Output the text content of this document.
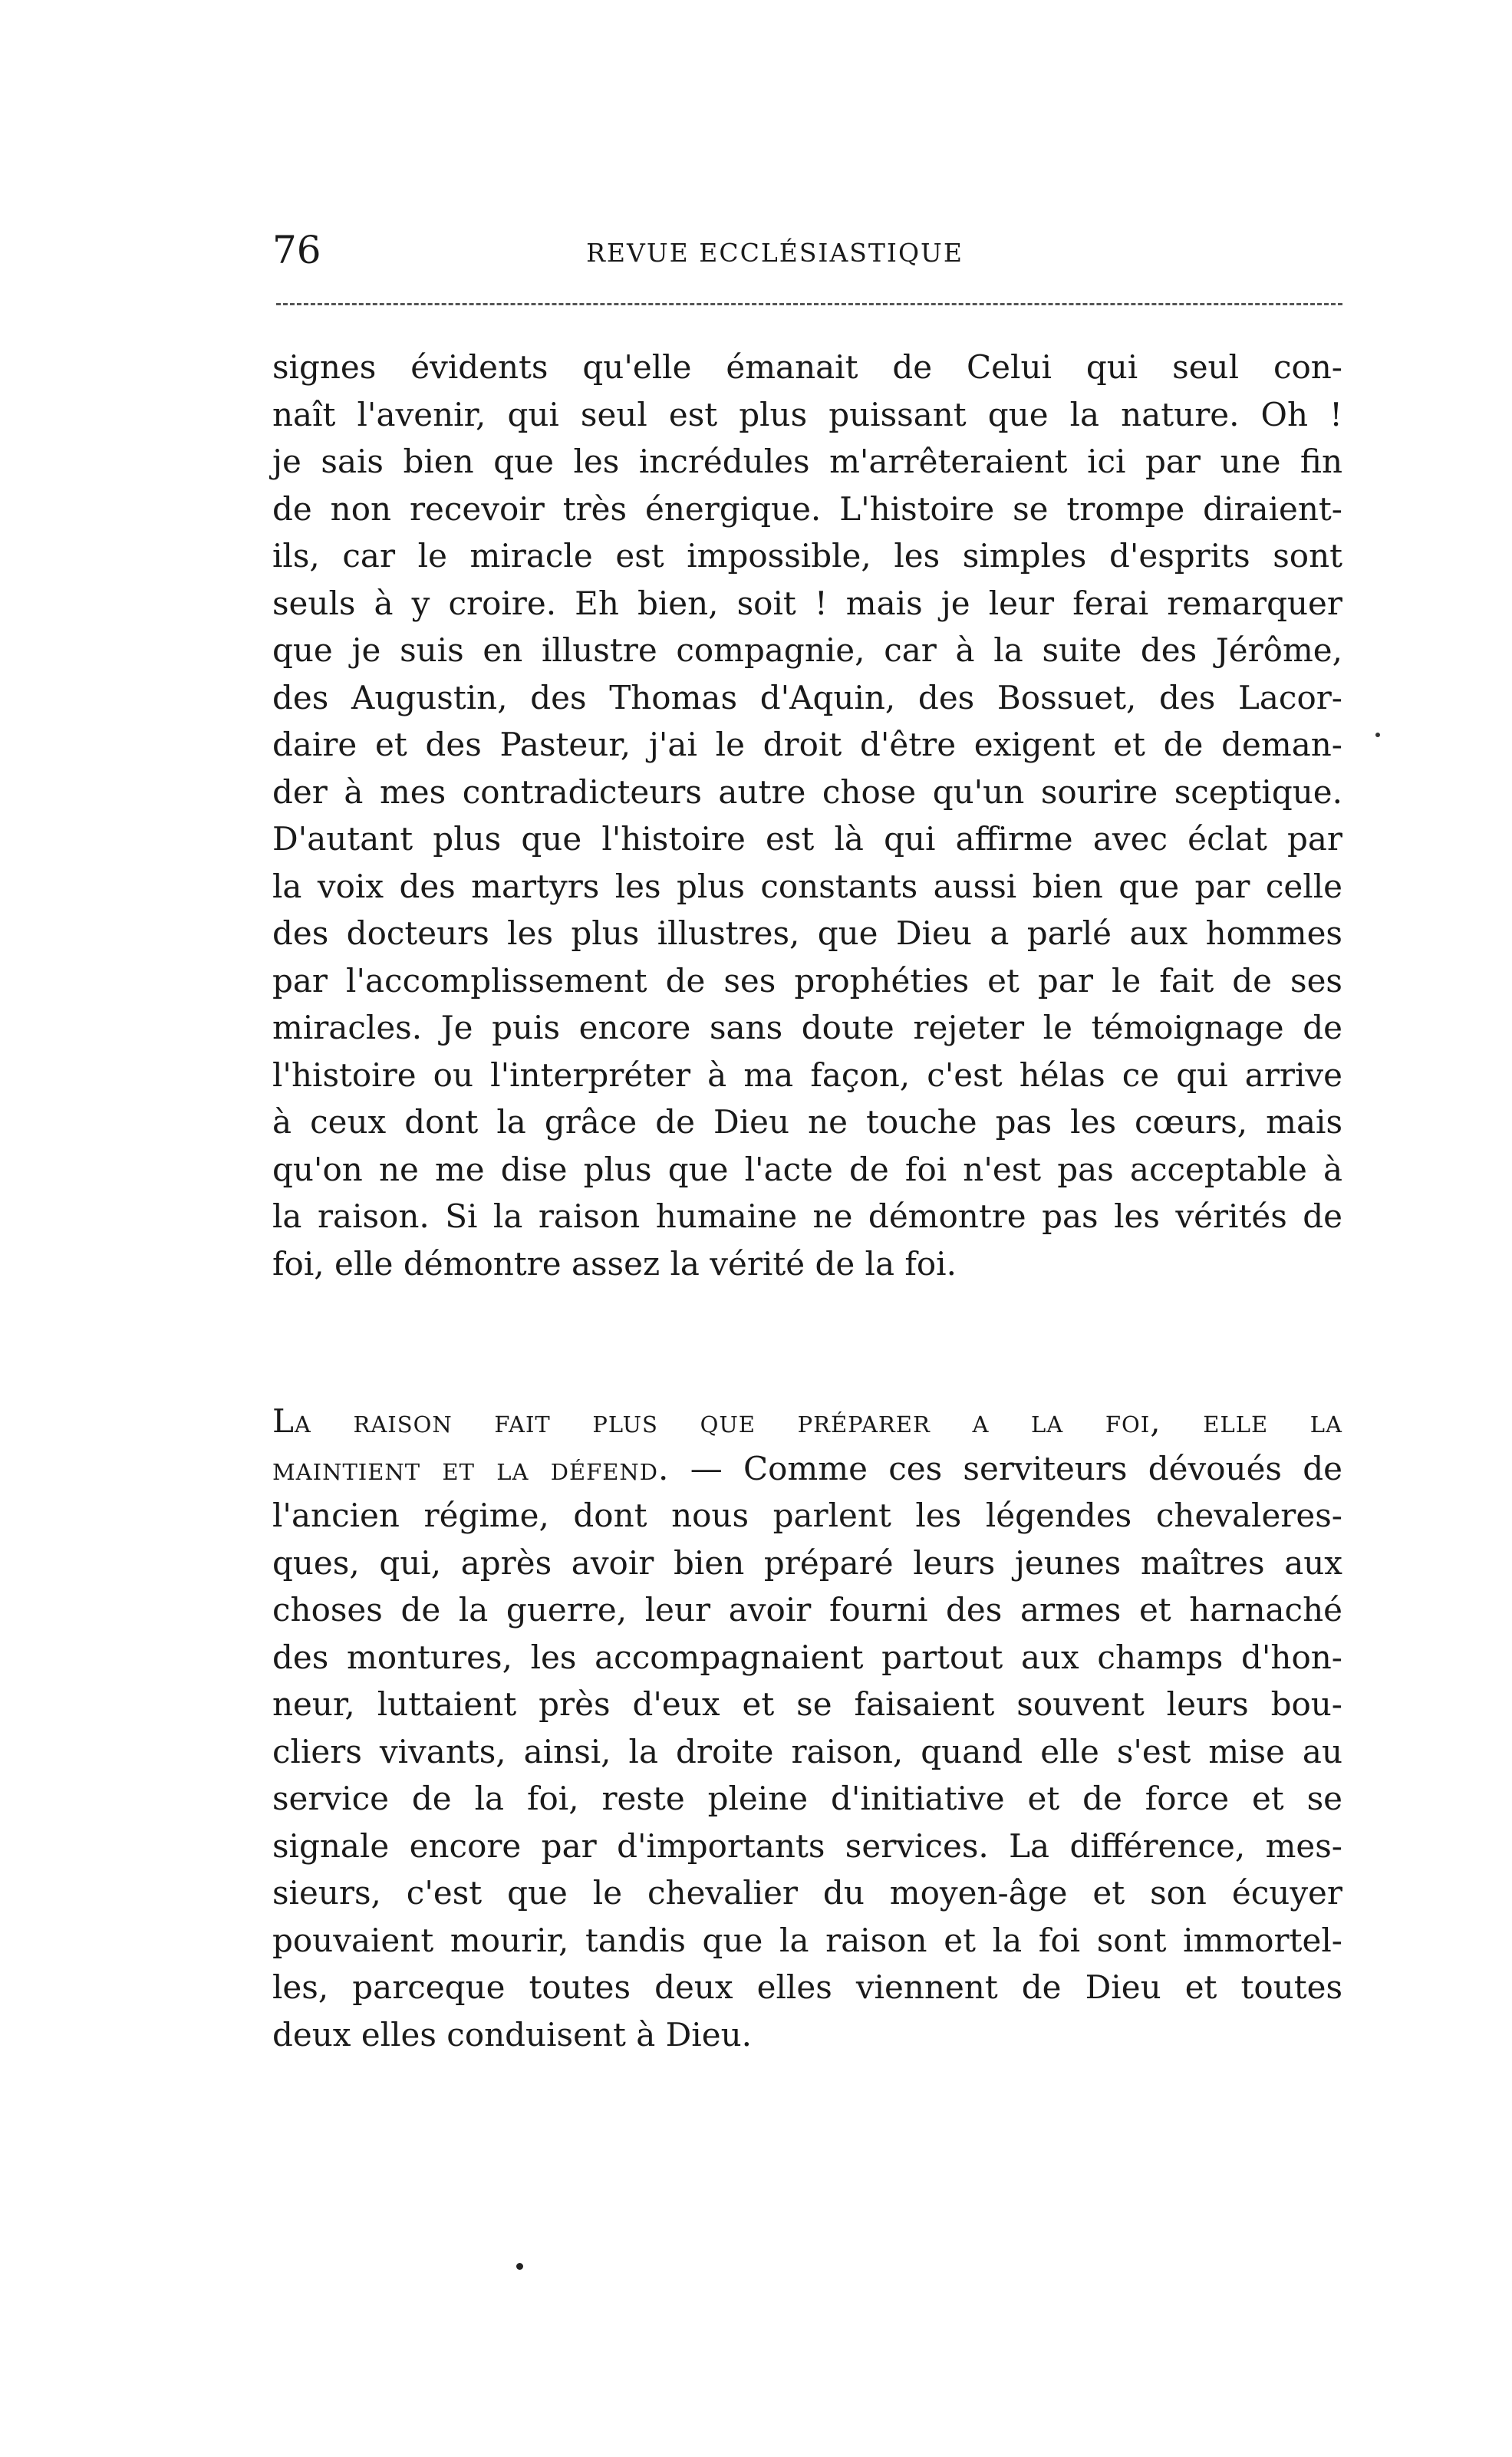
76	REVUE ECCLÉSIASTIQUE
signes évidents qu'elle émanait de Celui qui seul con-
naît l'avenir, qui seul est plus puissant que la nature. Oh !
je sais bien que les incrédules m'arrêteraient ici par une fin
de non recevoir très énergique. L'histoire se trompe diraient-
ils, car le miracle est impossible, les simples d'esprits sont
seuls à y croire. Eh bien, soit ! mais je leur ferai remarquer
que je suis en illustre compagnie, car à la suite des Jérôme,
des Augustin, des Thomas d'Aquin, des Bossuet, des Lacor-
daire et des Pasteur, j'ai le droit d'être exigent et de deman-
der à mes contradicteurs autre chose qu'un sourire sceptique.
D'autant plus que l'histoire est là qui affirme avec éclat par
la voix des martyrs les plus constants aussi bien que par celle
des docteurs les plus illustres, que Dieu a parlé aux hommes
par l'accomplissement de ses prophéties et par le fait de ses
miracles. Je puis encore sans doute rejeter le témoignage de
l'histoire ou l'interpréter à ma façon, c'est hélas ce qui arrive
à ceux dont la grâce de Dieu ne touche pas les cœurs, mais
qu'on ne me dise plus que l'acte de foi n'est pas acceptable à
la raison. Si la raison humaine ne démontre pas les vérités de
foi, elle démontre assez la vérité de la foi.
La raison fait plus que préparer a la foi, elle la
maintient et la défend. — Comme ces serviteurs dévoués de
l'ancien régime, dont nous parlent les légendes chevaleres-
ques, qui, après avoir bien préparé leurs jeunes maîtres aux
choses de la guerre, leur avoir fourni des armes et harnaché
des montures, les accompagnaient partout aux champs d'hon-
neur, luttaient près d'eux et se faisaient souvent leurs bou-
cliers vivants, ainsi, la droite raison, quand elle s'est mise au
service de la foi, reste pleine d'initiative et de force et se
signale encore par d'importants services. La différence, mes-
sieurs, c'est que le chevalier du moyen-âge et son écuyer
pouvaient mourir, tandis que la raison et la foi sont immortel-
les, parceque toutes deux elles viennent de Dieu et toutes
deux elles conduisent à Dieu.
